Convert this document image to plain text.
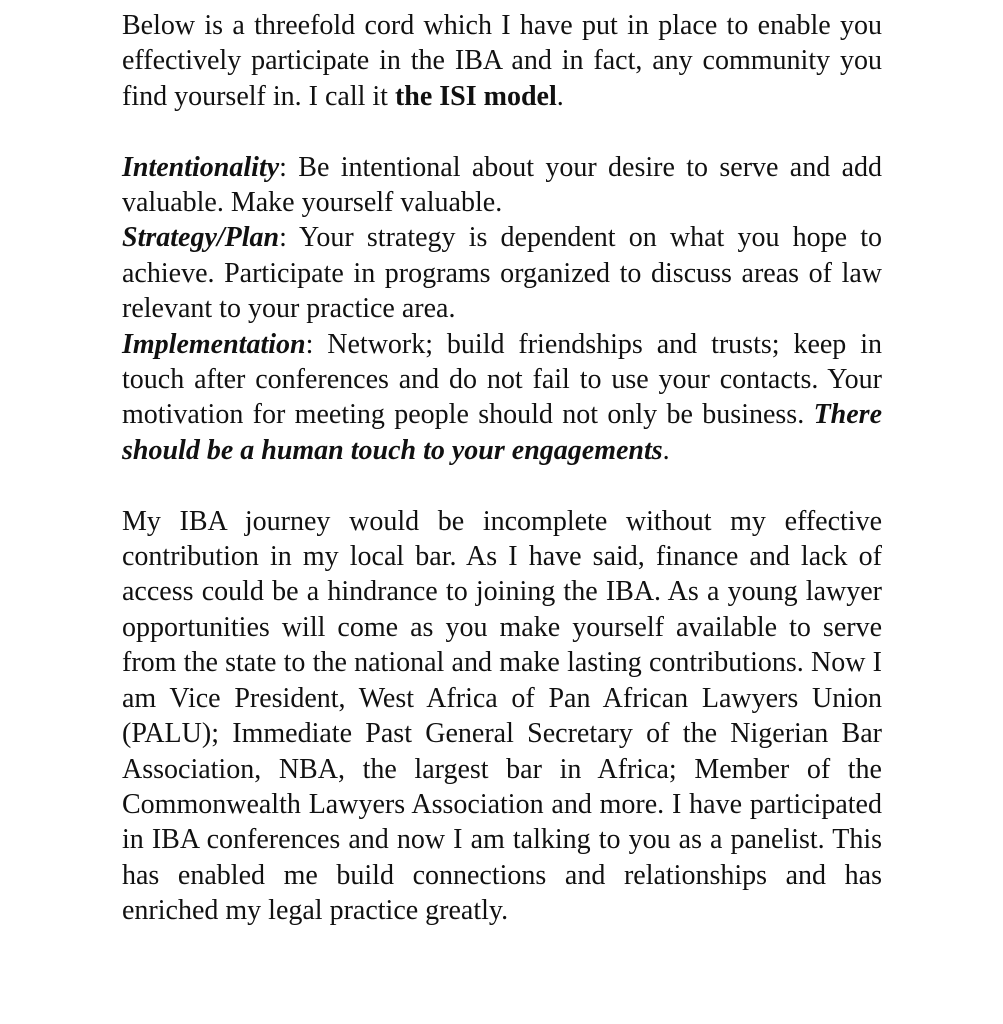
Below is a threefold cord which I have put in place to enable you effectively participate in the IBA and in fact, any community you find yourself in. I call it the ISI model.

Intentionality: Be intentional about your desire to serve and add valuable. Make yourself valuable.

Strategy/Plan: Your strategy is dependent on what you hope to achieve. Participate in programs organized to discuss areas of law relevant to your practice area.

Implementation: Network; build friendships and trusts; keep in touch after conferences and do not fail to use your contacts. Your motivation for meeting people should not only be business. There should be a human touch to your engagements.

My IBA journey would be incomplete without my effective contribution in my local bar. As I have said, finance and lack of access could be a hindrance to joining the IBA. As a young lawyer opportunities will come as you make yourself available to serve from the state to the national and make lasting contributions. Now I am Vice President, West Africa of Pan African Lawyers Union (PALU); Immediate Past General Secretary of the Nigerian Bar Association, NBA, the largest bar in Africa; Member of the Commonwealth Lawyers Association and more. I have participated in IBA conferences and now I am talking to you as a panelist. This has enabled me build connections and relationships and has enriched my legal practice greatly.
